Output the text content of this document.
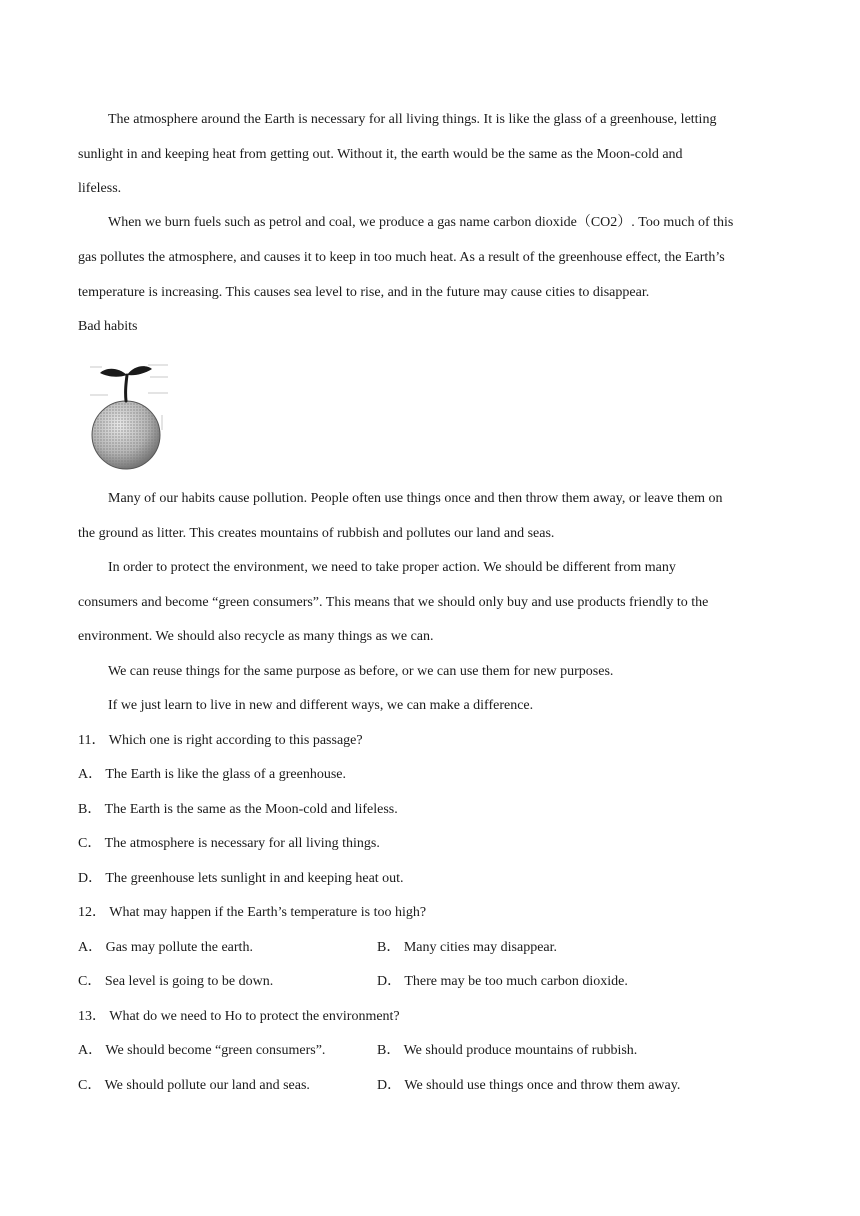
The atmosphere around the Earth is necessary for all living things. It is like the glass of a greenhouse, letting
sunlight in and keeping heat from getting out. Without it, the earth would be the same as the Moon-cold and
lifeless.
When we burn fuels such as petrol and coal, we produce a gas name carbon dioxide（CO2）. Too much of this
gas pollutes the atmosphere, and causes it to keep in too much heat. As a result of the greenhouse effect, the Earth’s
temperature is increasing. This causes sea level to rise, and in the future may cause cities to disappear.
Bad habits
Many of our habits cause pollution. People often use things once and then throw them away, or leave them on
the ground as litter. This creates mountains of rubbish and pollutes our land and seas.
In order to protect the environment, we need to take proper action. We should be different from many
consumers and become “green consumers”. This means that we should only buy and use products friendly to the
environment. We should also recycle as many things as we can.
We can reuse things for the same purpose as before, or we can use them for new purposes.
If we just learn to live in new and different ways, we can make a difference.
11． Which one is right according to this passage?
A． The Earth is like the glass of a greenhouse.
B． The Earth is the same as the Moon-cold and lifeless.
C． The atmosphere is necessary for all living things.
D． The greenhouse lets sunlight in and keeping heat out.
12． What may happen if the Earth’s temperature is too high?
A． Gas may pollute the earth.	B． Many cities may disappear.
C． Sea level is going to be down.	D． There may be too much carbon dioxide.
13． What do we need to Ho to protect the environment?
A． We should become “green consumers”.	B． We should produce mountains of rubbish.
C． We should pollute our land and seas.	D． We should use things once and throw them away.
